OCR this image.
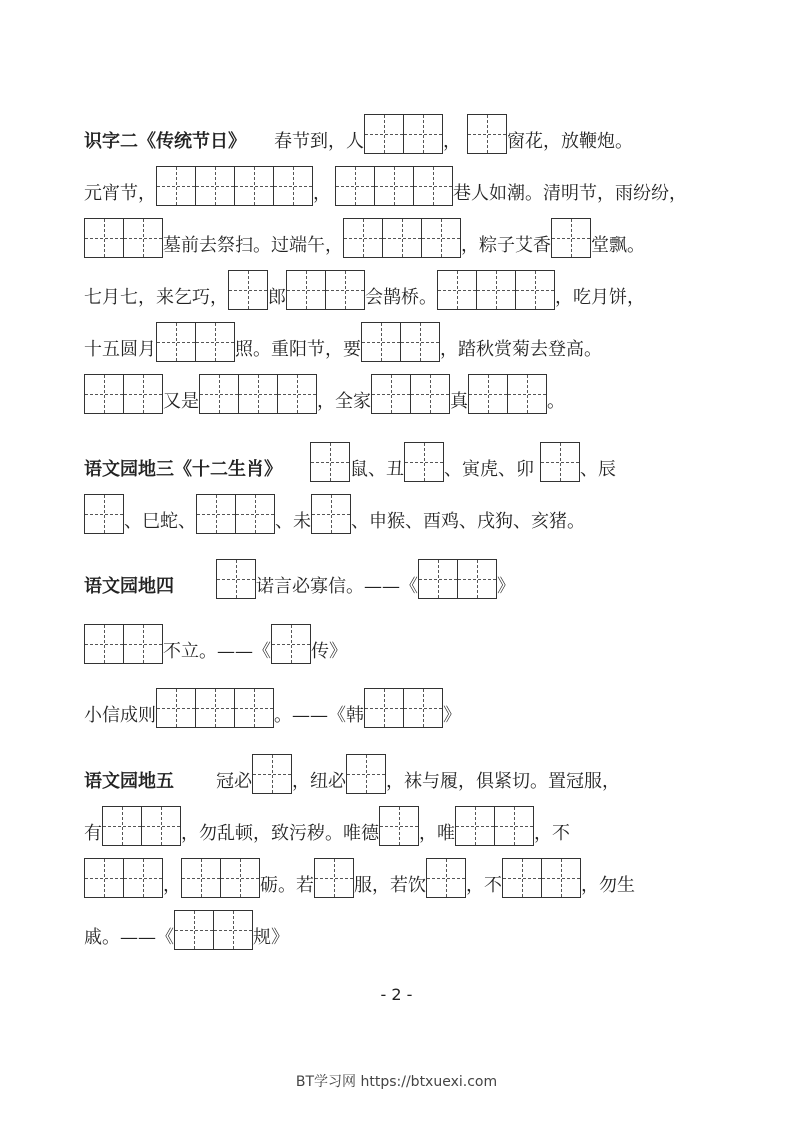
识字二《传统节日》 春节到，人	，	窗花，放鞭炮。
元宵节，	，	巷人如潮。清明节，雨纷纷，
墓前去祭扫。过端午，	，粽子艾香 堂飘。
七月七，来乞巧， 郎	会鹊桥。	，吃月饼，
十五圆月	照。重阳节，要	，踏秋赏菊去登高。
又是	，全家	真	。
语文园地三《十二生肖》	鼠、丑 、寅虎、卯	、辰
、巳蛇、	、未 、申猴、酉鸡、戌狗、亥猪。
语文园地四	诺言必寡信。——《	》
不立。——《 传》
小信成则	。——《韩	》
语文园地五 冠必 ，纽必 ，袜与履，俱紧切。置冠服，
有	，勿乱顿，致污秽。唯德 ，唯	，不
，	砺。若 服，若饮 ，不	，勿生
戚。——《	规》
- 2 -
BT学习网 https://btxuexi.com
